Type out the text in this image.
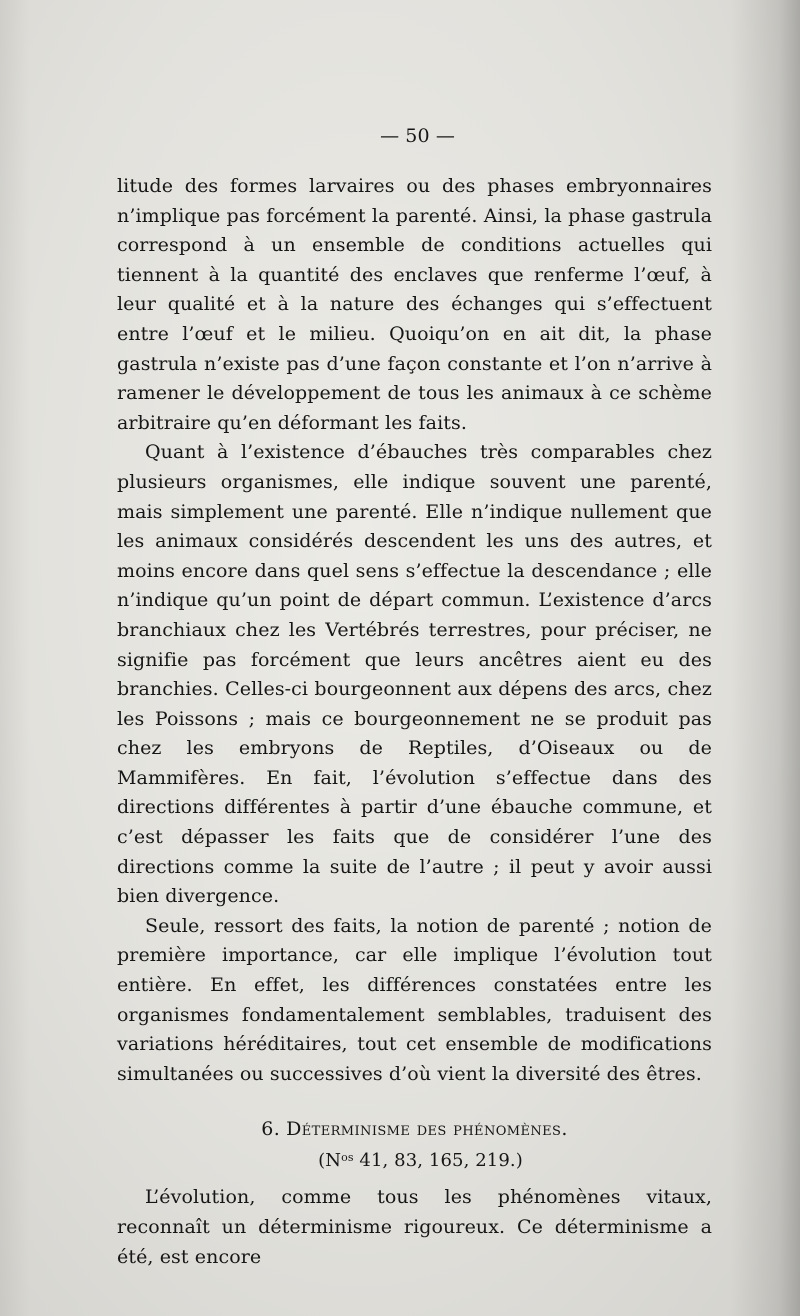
— 50 —

litude des formes larvaires ou des phases embryonnaires n’implique pas forcément la parenté. Ainsi, la phase gastrula correspond à un ensemble de conditions actuelles qui tiennent à la quantité des enclaves que renferme l’œuf, à leur qualité et à la nature des échanges qui s’effectuent entre l’œuf et le milieu. Quoiqu’on en ait dit, la phase gastrula n’existe pas d’une façon constante et l’on n’arrive à ramener le développement de tous les animaux à ce schème arbitraire qu’en déformant les faits.

Quant à l’existence d’ébauches très comparables chez plusieurs organismes, elle indique souvent une parenté, mais simplement une parenté. Elle n’indique nullement que les animaux considérés descendent les uns des autres, et moins encore dans quel sens s’effectue la descendance ; elle n’indique qu’un point de départ commun. L’existence d’arcs branchiaux chez les Vertébrés terrestres, pour préciser, ne signifie pas forcément que leurs ancêtres aient eu des branchies. Celles-ci bourgeonnent aux dépens des arcs, chez les Poissons ; mais ce bourgeonnement ne se produit pas chez les embryons de Reptiles, d’Oiseaux ou de Mammifères. En fait, l’évolution s’effectue dans des directions différentes à partir d’une ébauche commune, et c’est dépasser les faits que de considérer l’une des directions comme la suite de l’autre ; il peut y avoir aussi bien divergence.

Seule, ressort des faits, la notion de parenté ; notion de première importance, car elle implique l’évolution tout entière. En effet, les différences constatées entre les organismes fondamentalement semblables, traduisent des variations héréditaires, tout cet ensemble de modifications simultanées ou successives d’où vient la diversité des êtres.

6. Déterminisme des phénomènes.
($N^{os}$ 41, 83, 165, 219.)

L’évolution, comme tous les phénomènes vitaux, reconnaît un déterminisme rigoureux. Ce déterminisme a été, est encore
